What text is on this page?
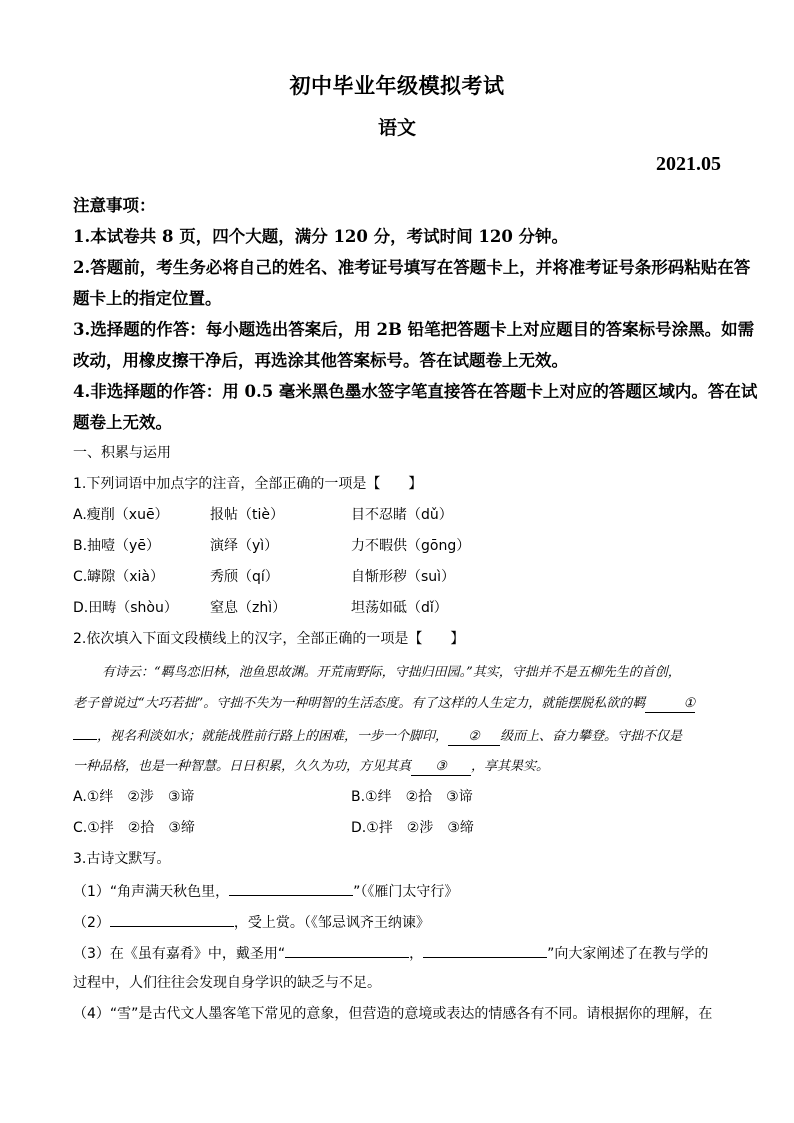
初中毕业年级模拟考试
语文
2021.05
注意事项：
1.本试卷共 8 页，四个大题，满分 120 分，考试时间 120 分钟。
2.答题前，考生务必将自己的姓名、准考证号填写在答题卡上，并将准考证号条形码粘贴在答
题卡上的指定位置。
3.选择题的作答：每小题选出答案后，用 2B 铅笔把答题卡上对应题目的答案标号涂黑。如需
改动，用橡皮擦干净后，再选涂其他答案标号。答在试题卷上无效。
4.非选择题的作答：用 0.5 毫米黑色墨水签字笔直接答在答题卡上对应的答题区域内。答在试
题卷上无效。
一、积累与运用
1.下列词语中加点字的注音，全部正确的一项是【　　】
A.瘦削（xuē）	报帖（tiè）	目不忍睹（dǔ）
B.抽噎（yē）	演绎（yì）	力不暇供（gōng）
C.罅隙（xià）	秀颀（qí）	自惭形秽（suì）
D.田畴（shòu） 窒息（zhì）	坦荡如砥（dǐ）
2.依次填入下面文段横线上的汉字，全部正确的一项是【　　】
有诗云：“羁鸟恋旧林，池鱼思故渊。开荒南野际，守拙归田园。”其实，守拙并不是五柳先生的首创，
老子曾说过“大巧若拙”。守拙不失为一种明智的生活态度。有了这样的人生定力，就能摆脱私欲的羁	①
，视名利淡如水；就能战胜前行路上的困难，一步一个脚印， ② 级而上、奋力攀登。守拙不仅是
一种品格，也是一种智慧。日日积累，久久为功，方见其真 ③ ，享其果实。
A.①绊　②涉　③谛	B.①绊　②拾　③谛
C.①拌　②拾　③缔	D.①拌　②涉　③缔
3.古诗文默写。
（1）“角声满天秋色里，	”（《雁门太守行》
（2）	，受上赏。（《邹忌讽齐王纳谏》
（3）在《虽有嘉肴》中，戴圣用“	，	”向大家阐述了在教与学的
过程中，人们往往会发现自身学识的缺乏与不足。
（4）“雪”是古代文人墨客笔下常见的意象，但营造的意境或表达的情感各有不同。请根据你的理解，在
